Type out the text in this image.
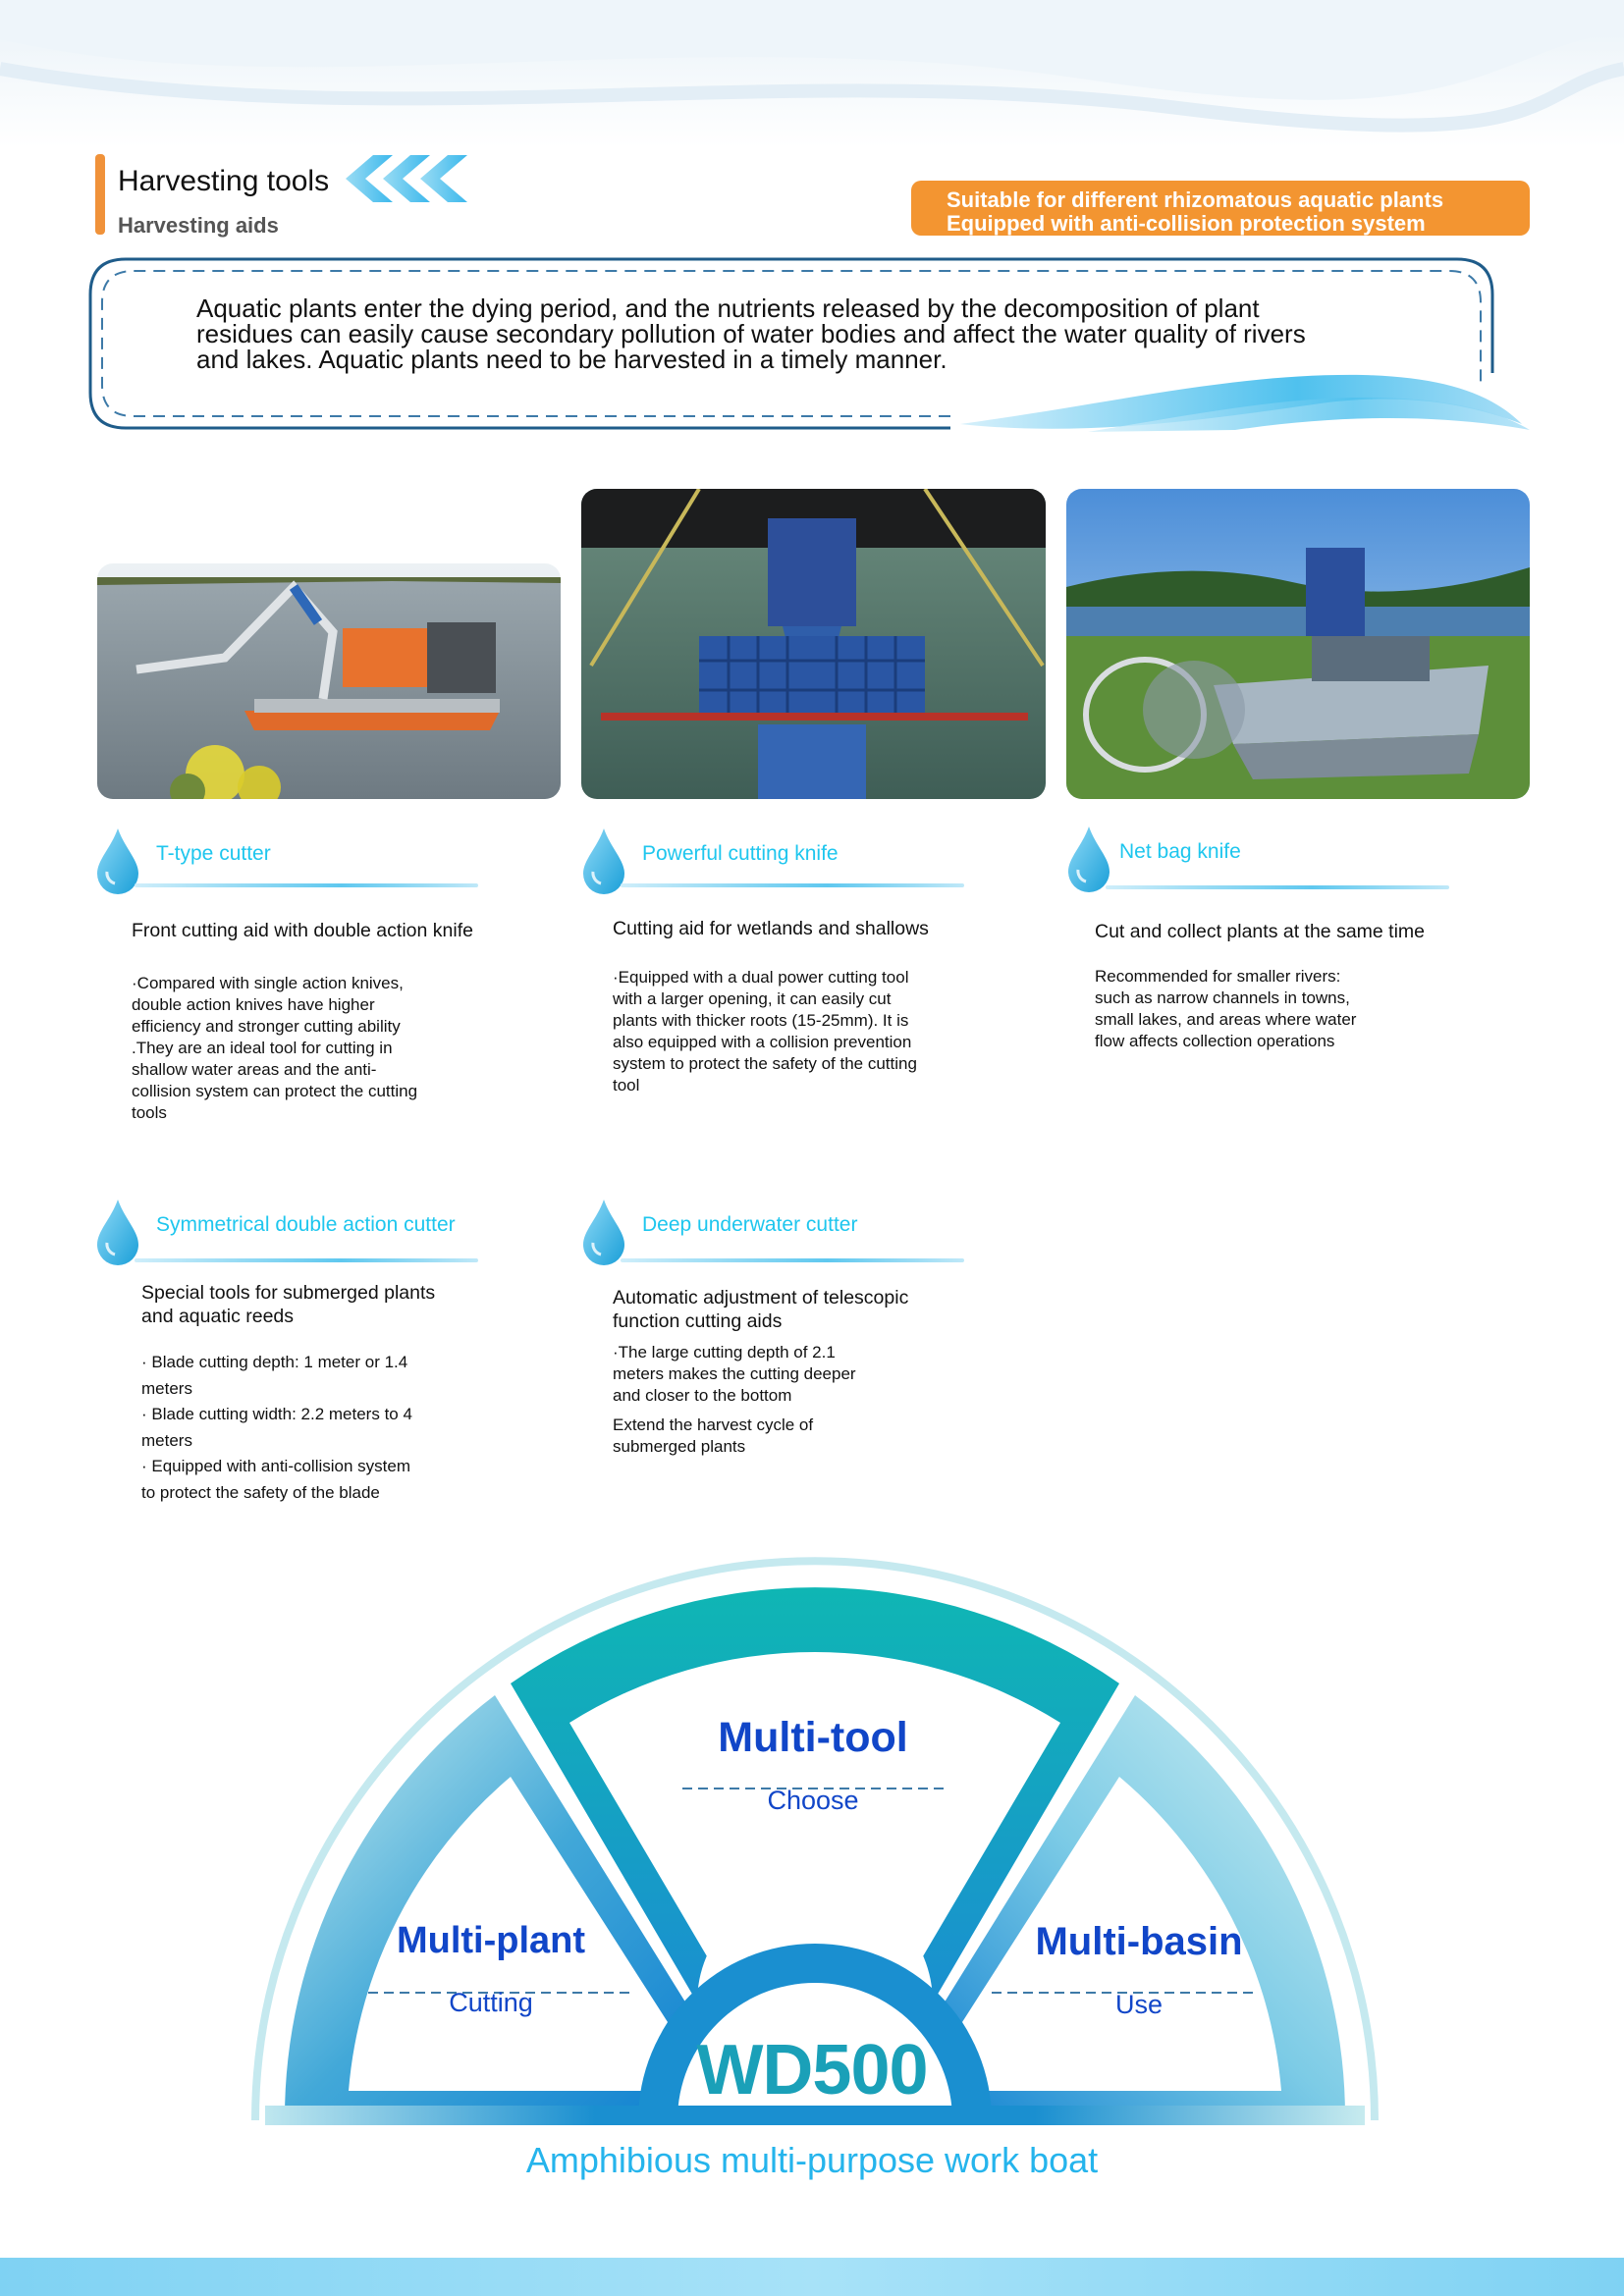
Harvesting tools
Harvesting aids
Suitable for different rhizomatous aquatic plants
Equipped with anti-collision protection system
Aquatic plants enter the dying period, and the nutrients released by the decomposition of plant
residues can easily cause secondary pollution of water bodies and affect the water quality of rivers
and lakes. Aquatic plants need to be harvested in a timely manner.
T-type cutter
Front cutting aid with double action knife

·Compared with single action knives,

double action knives have higher

efficiency and stronger cutting ability

.They are an ideal tool for cutting in

shallow water areas and the anti-

collision system can protect the cutting

tools

Powerful cutting knife
Cutting aid for wetlands and shallows

·Equipped with a dual power cutting tool

with a larger opening, it can easily cut

plants with thicker roots (15-25mm). It is

also equipped with a collision prevention

system to protect the safety of the cutting

tool

Net bag knife
Cut and collect plants at the same time

Recommended for smaller rivers:

such as narrow channels in towns,

small lakes, and areas where water

flow affects collection operations

Symmetrical double action cutter
Special tools for submerged plants
and aquatic reeds

· Blade cutting depth: 1 meter or 1.4

meters

· Blade cutting width: 2.2 meters to 4

meters

· Equipped with anti-collision system

to protect the safety of the blade

Deep underwater cutter
Automatic adjustment of telescopic
function cutting aids

·The large cutting depth of 2.1

meters makes the cutting deeper

and closer to the bottom

Extend the harvest cycle of

submerged plants

Multi-tool
Choose
Multi-plant
Cutting
Multi-basin
Use
WD500
Amphibious multi-purpose work boat
